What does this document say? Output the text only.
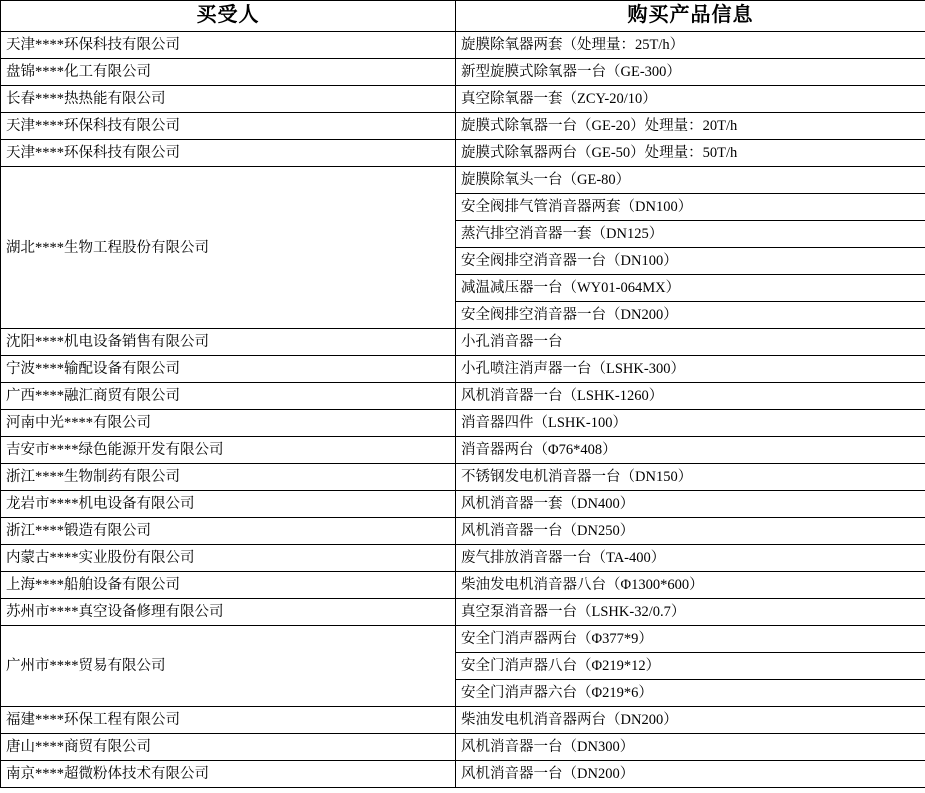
买受人	购买产品信息
天津****环保科技有限公司	旋膜除氧器两套（处理量：25T/h）
盘锦****化工有限公司	新型旋膜式除氧器一台（GE-300）
长春****热热能有限公司	真空除氧器一套（ZCY-20/10）
天津****环保科技有限公司	旋膜式除氧器一台（GE-20）处理量：20T/h
天津****环保科技有限公司	旋膜式除氧器两台（GE-50）处理量：50T/h
湖北****生物工程股份有限公司	旋膜除氧头一台（GE-80）
	安全阀排气管消音器两套（DN100）
	蒸汽排空消音器一套（DN125）
	安全阀排空消音器一台（DN100）
	减温减压器一台（WY01-064MX）
	安全阀排空消音器一台（DN200）
沈阳****机电设备销售有限公司	小孔消音器一台
宁波****输配设备有限公司	小孔喷注消声器一台（LSHK-300）
广西****融汇商贸有限公司	风机消音器一台（LSHK-1260）
河南中光****有限公司	消音器四件（LSHK-100）
吉安市****绿色能源开发有限公司	消音器两台（Φ76*408）
浙江****生物制药有限公司	不锈钢发电机消音器一台（DN150）
龙岩市****机电设备有限公司	风机消音器一套（DN400）
浙江****锻造有限公司	风机消音器一台（DN250）
内蒙古****实业股份有限公司	废气排放消音器一台（TA-400）
上海****船舶设备有限公司	柴油发电机消音器八台（Φ1300*600）
苏州市****真空设备修理有限公司	真空泵消音器一台（LSHK-32/0.7）
广州市****贸易有限公司	安全门消声器两台（Φ377*9）
	安全门消声器八台（Φ219*12）
	安全门消声器六台（Φ219*6）
福建****环保工程有限公司	柴油发电机消音器两台（DN200）
唐山****商贸有限公司	风机消音器一台（DN300）
南京****超微粉体技术有限公司	风机消音器一台（DN200）
